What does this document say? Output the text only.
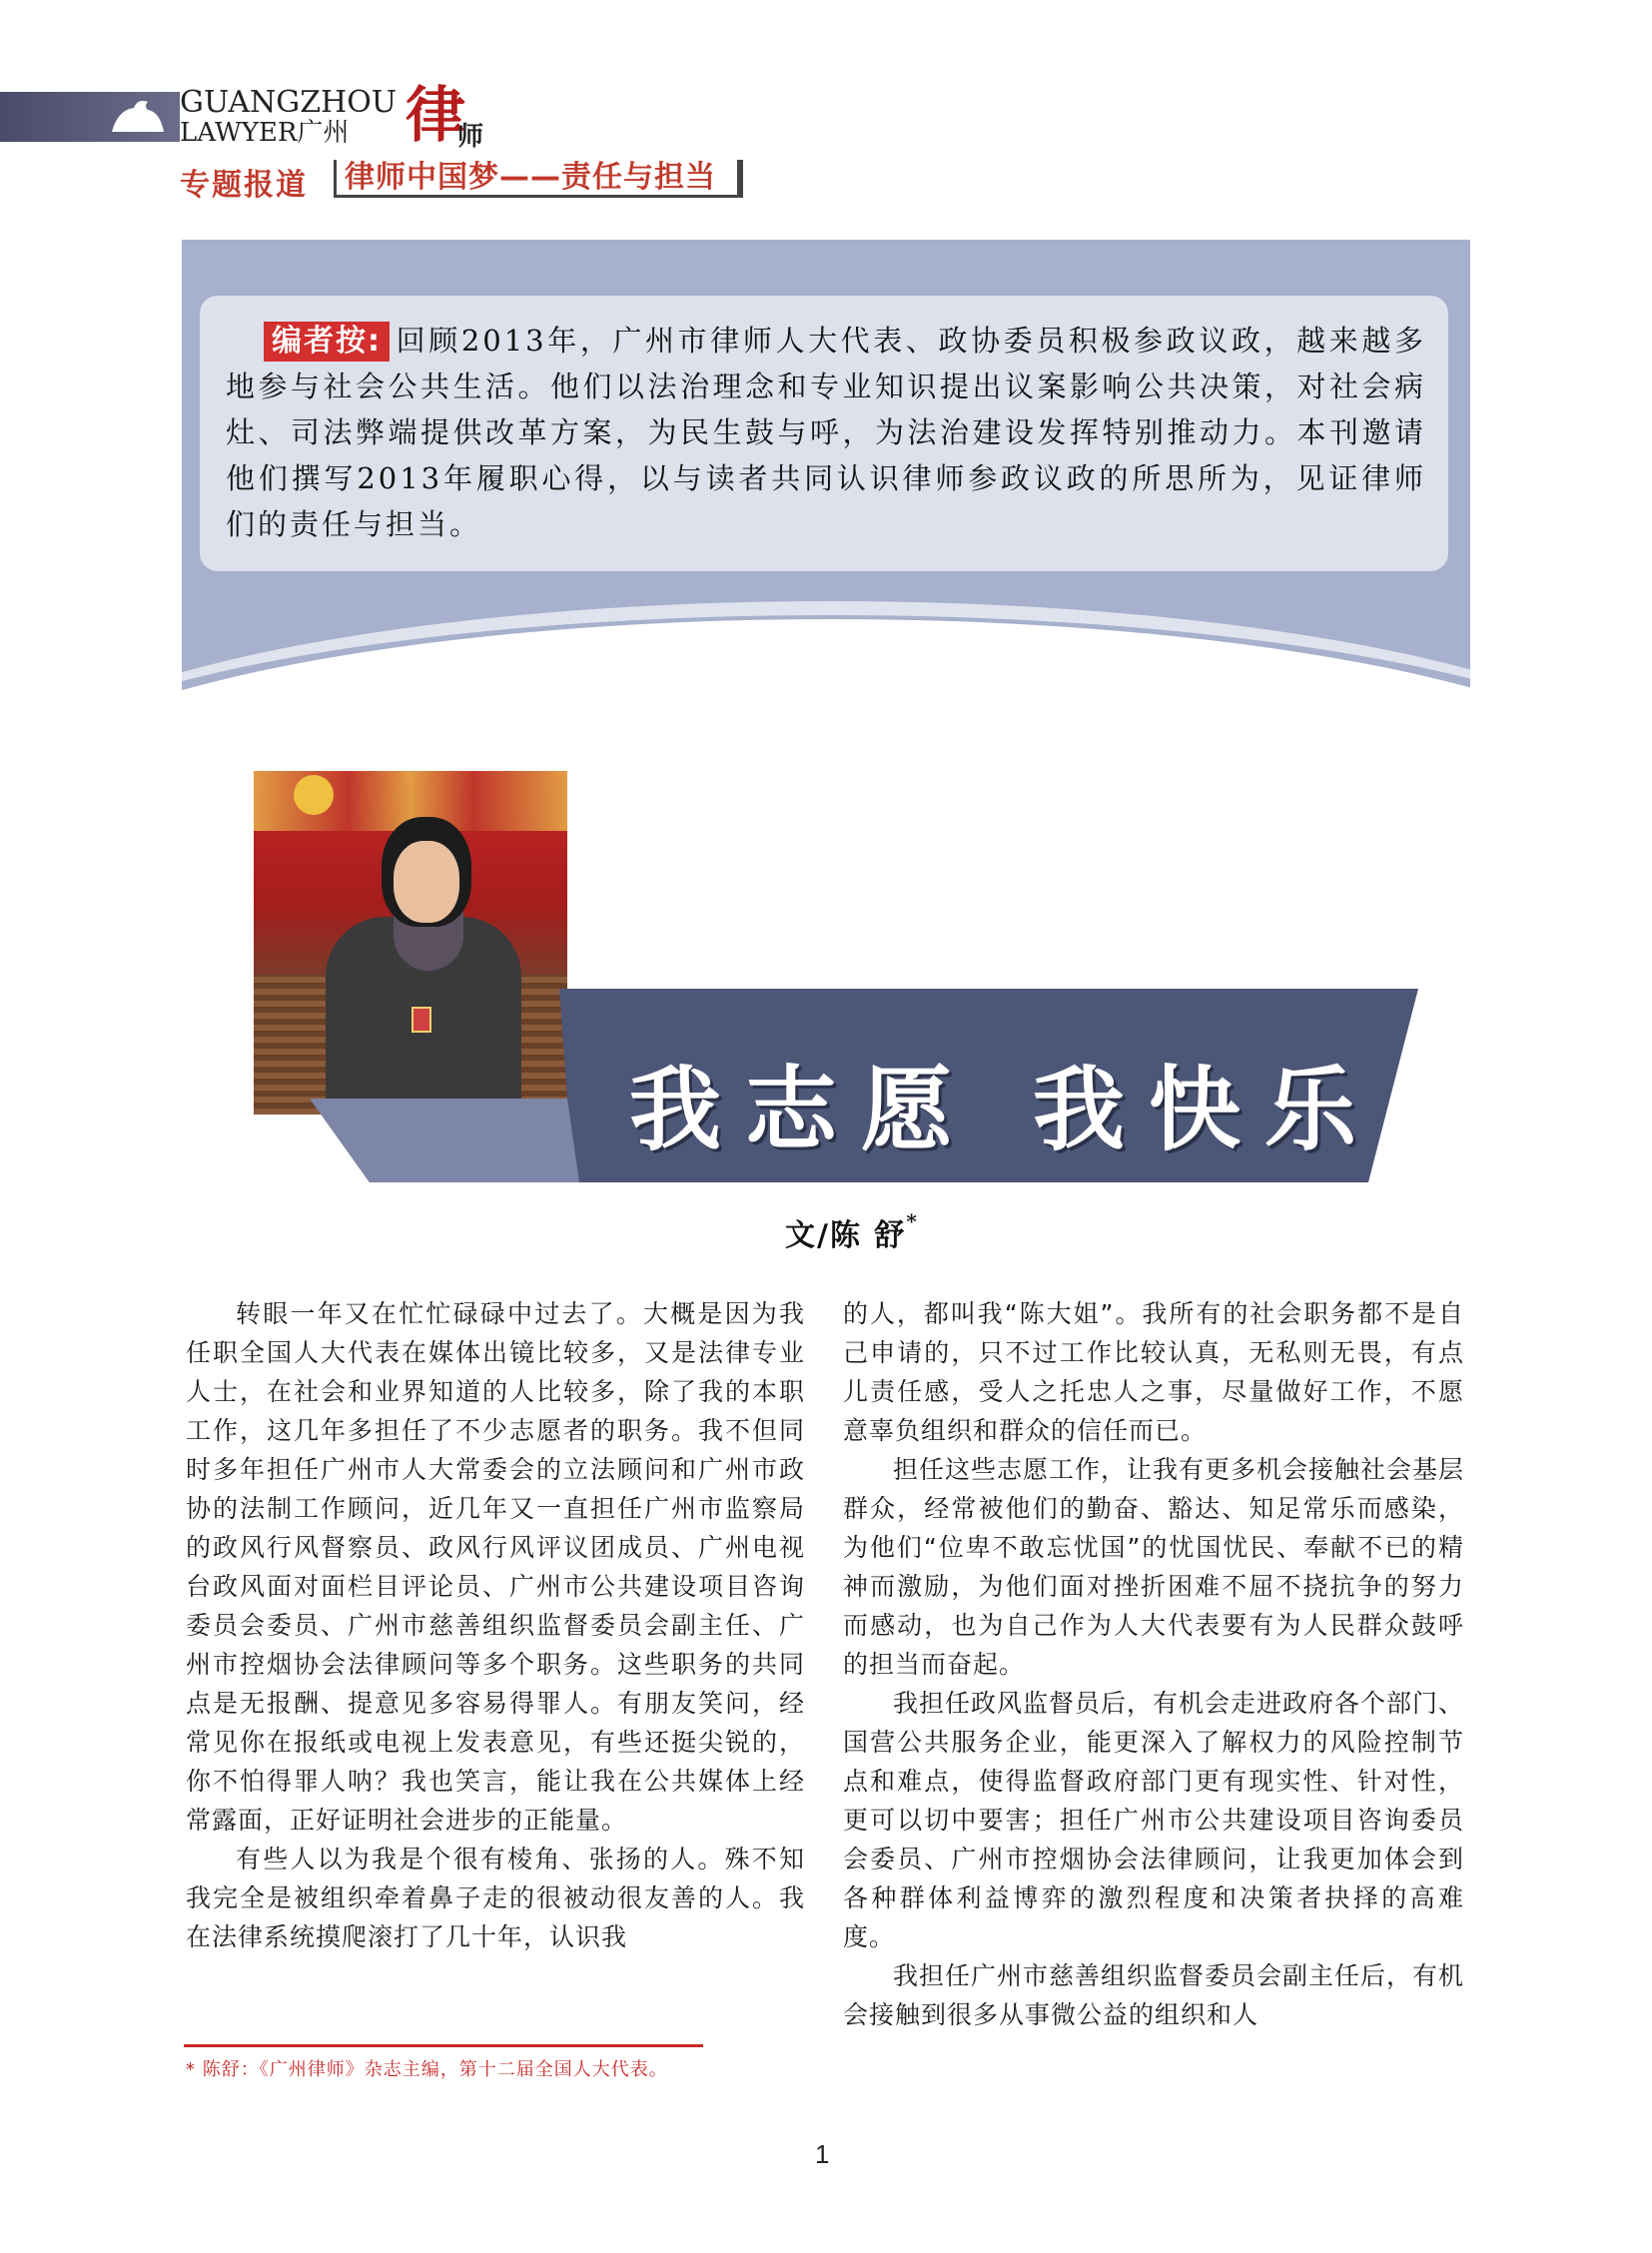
GUANGZHOU
LAWYER广州 律
师
专题报道	律师中国梦——责任与担当
编者按: 回顾2013年，广州市律师人大代表、政协委员积极参政议政，越来越多地参与社会公共生活。他们以法治理念和专业知识提出议案影响公共决策，对社会病灶、司法弊端提供改革方案，为民生鼓与呼，为法治建设发挥特别推动力。本刊邀请他们撰写2013年履职心得，以与读者共同认识律师参政议政的所思所为，见证律师们的责任与担当。
我志愿 我快乐
文/陈 舒*

转眼一年又在忙忙碌碌中过去了。大概是因为我任职全国人大代表在媒体出镜比较多，又是法律专业人士，在社会和业界知道的人比较多，除了我的本职工作，这几年多担任了不少志愿者的职务。我不但同时多年担任广州市人大常委会的立法顾问和广州市政协的法制工作顾问，近几年又一直担任广州市监察局的政风行风督察员、政风行风评议团成员、广州电视台政风面对面栏目评论员、广州市公共建设项目咨询委员会委员、广州市慈善组织监督委员会副主任、广州市控烟协会法律顾问等多个职务。这些职务的共同点是无报酬、提意见多容易得罪人。有朋友笑问，经常见你在报纸或电视上发表意见，有些还挺尖锐的，你不怕得罪人呐？我也笑言，能让我在公共媒体上经常露面，正好证明社会进步的正能量。

有些人以为我是个很有棱角、张扬的人。殊不知我完全是被组织牵着鼻子走的很被动很友善的人。我在法律系统摸爬滚打了几十年，认识我

的人，都叫我“陈大姐”。我所有的社会职务都不是自己申请的，只不过工作比较认真，无私则无畏，有点儿责任感，受人之托忠人之事，尽量做好工作，不愿意辜负组织和群众的信任而已。

担任这些志愿工作，让我有更多机会接触社会基层群众，经常被他们的勤奋、豁达、知足常乐而感染，为他们“位卑不敢忘忧国”的忧国忧民、奉献不已的精神而激励，为他们面对挫折困难不屈不挠抗争的努力而感动，也为自己作为人大代表要有为人民群众鼓呼的担当而奋起。

我担任政风监督员后，有机会走进政府各个部门、国营公共服务企业，能更深入了解权力的风险控制节点和难点，使得监督政府部门更有现实性、针对性，更可以切中要害；担任广州市公共建设项目咨询委员会委员、广州市控烟协会法律顾问，让我更加体会到各种群体利益博弈的激烈程度和决策者抉择的高难度。

我担任广州市慈善组织监督委员会副主任后，有机会接触到很多从事微公益的组织和人

* 陈舒：《广州律师》杂志主编，第十二届全国人大代表。
1
